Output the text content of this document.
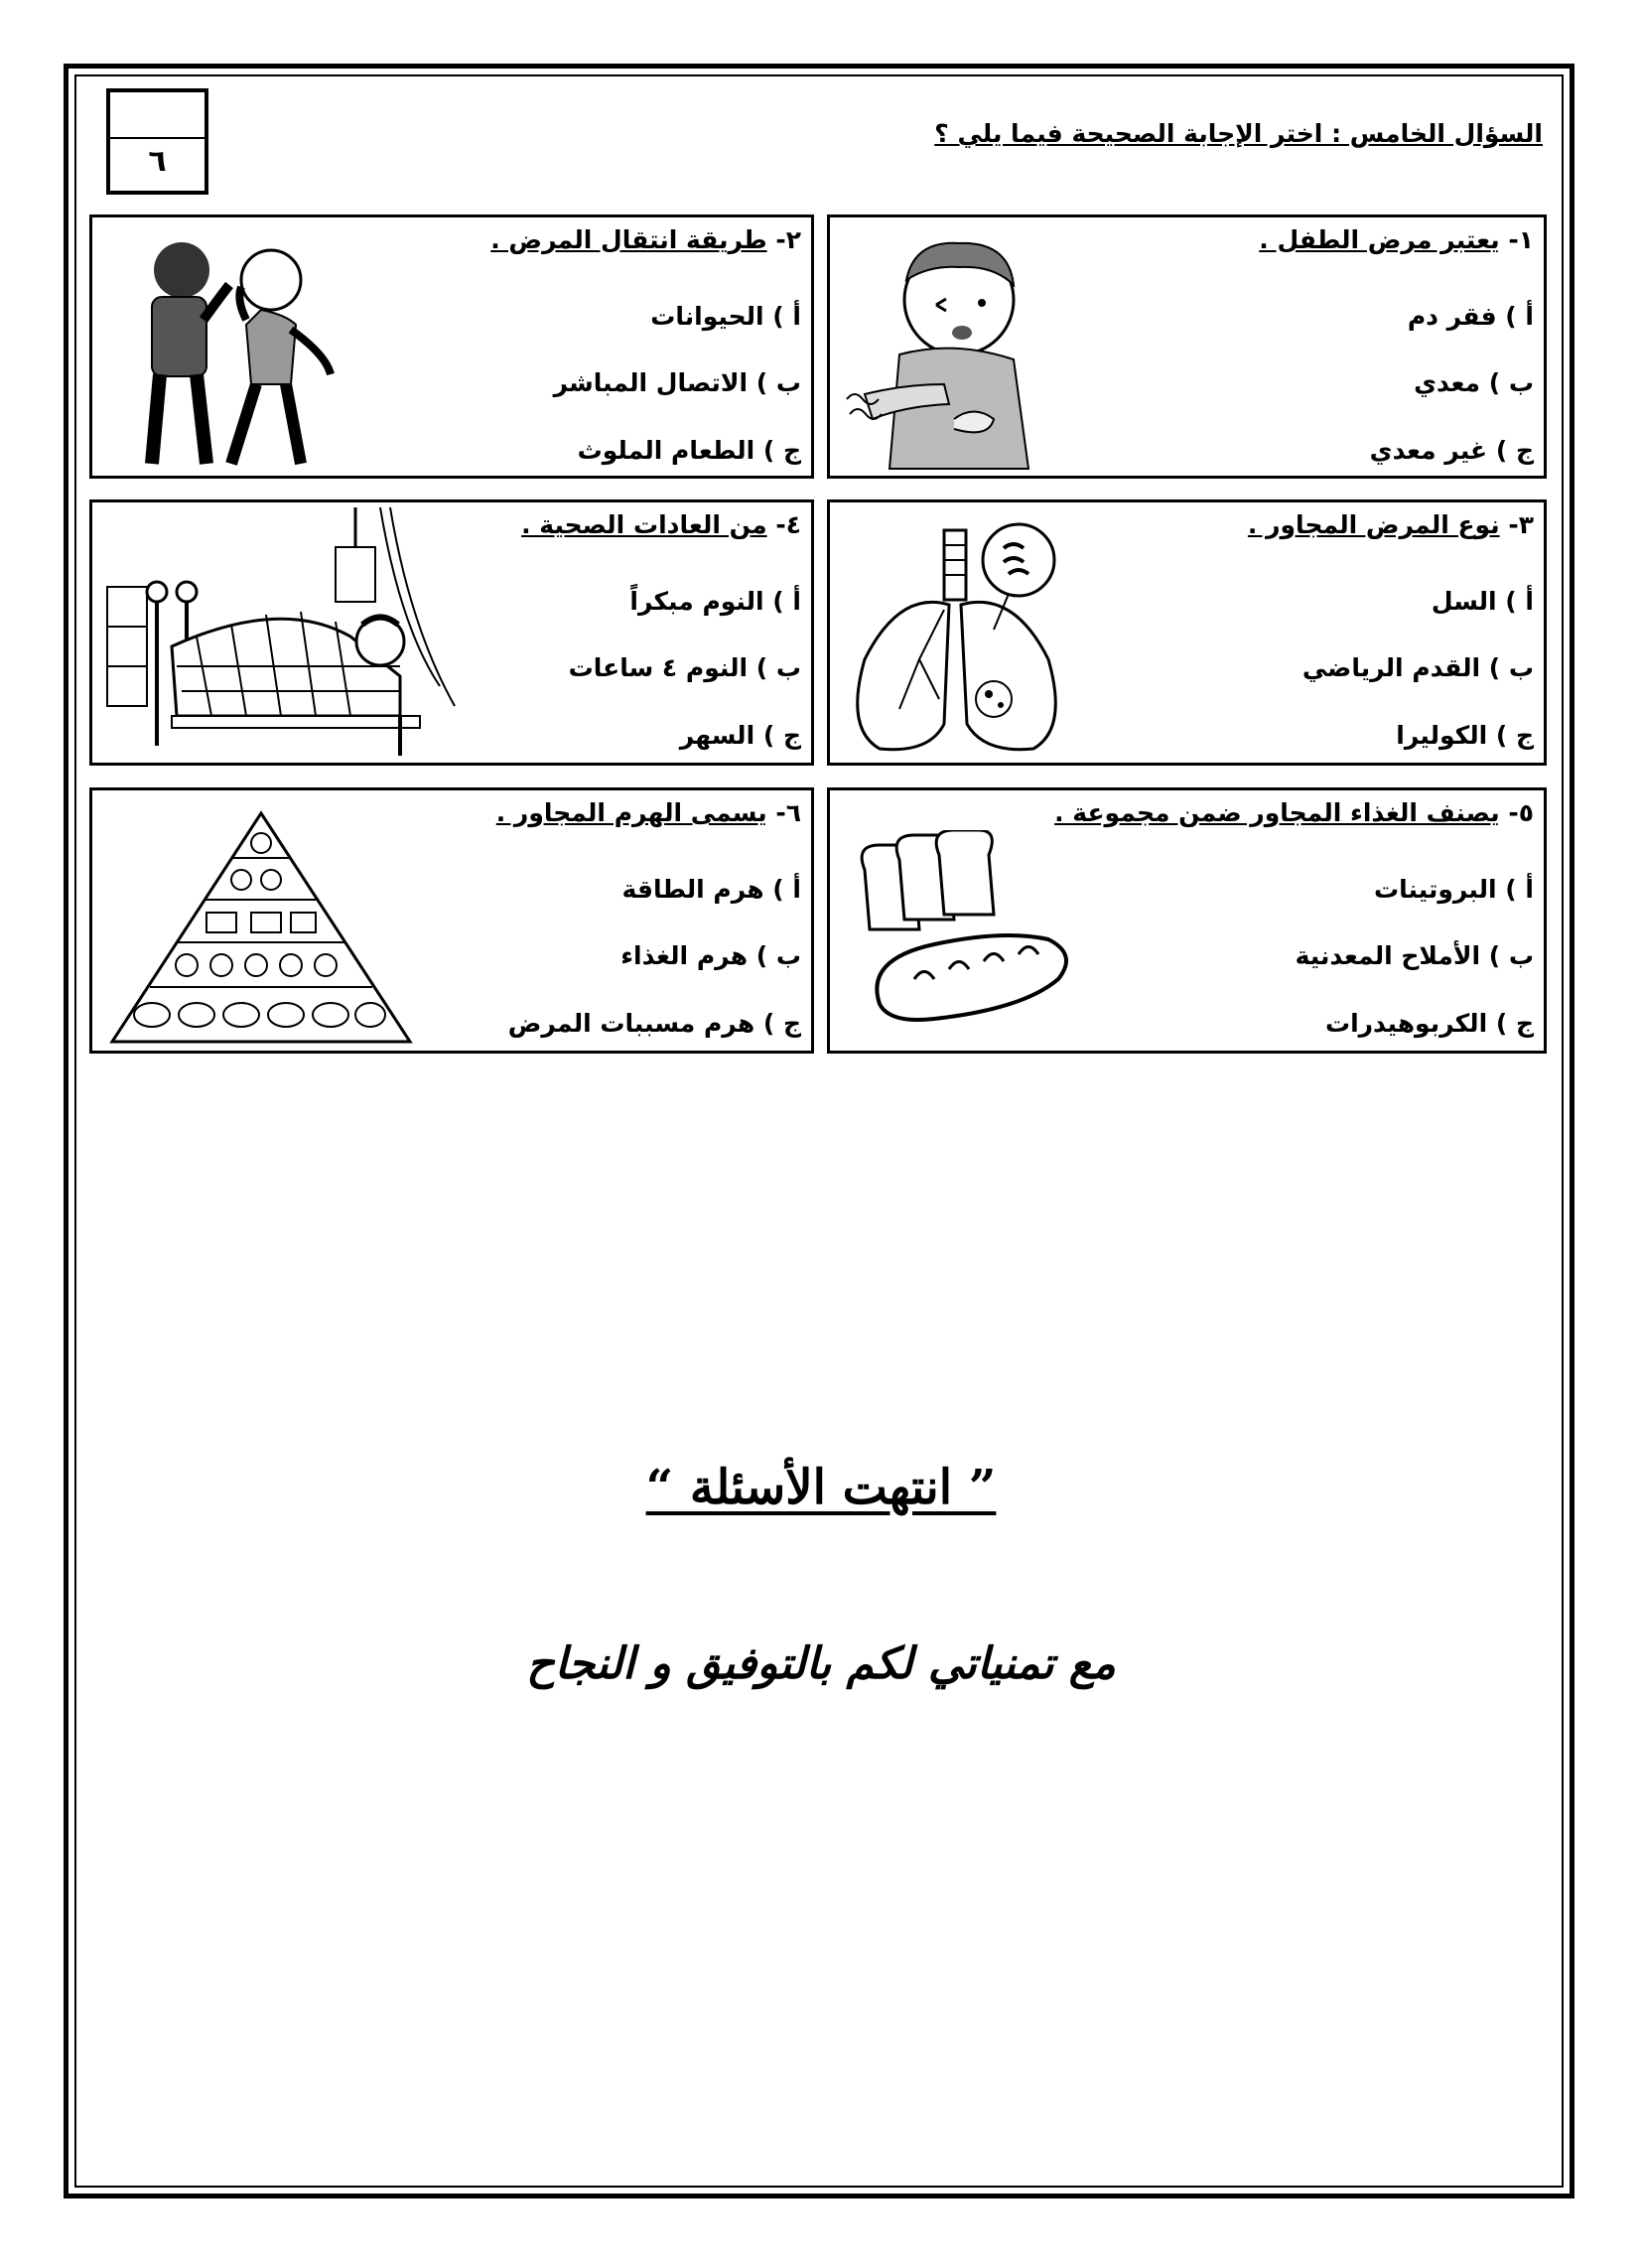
٦
السؤال الخامس : اختر الإجابة الصحيحة فيما يلي ؟
١- يعتبر مرض الطفل .
أ ) فقر دم
ب ) معدي
ج ) غير معدي
٢- طريقة انتقال المرض .
أ ) الحيوانات
ب ) الاتصال المباشر
ج ) الطعام الملوث
٣- نوع المرض المجاور .
أ ) السل
ب ) القدم الرياضي
ج ) الكوليرا
٤- من العادات الصحية .
أ ) النوم مبكراً
ب ) النوم ٤ ساعات
ج ) السهر
٥- يصنف الغذاء المجاور ضمن مجموعة .
أ ) البروتينات
ب ) الأملاح المعدنية
ج ) الكربوهيدرات
٦- يسمى الهرم المجاور .
أ ) هرم الطاقة
ب ) هرم الغذاء
ج ) هرم مسببات المرض
” انتهت الأسئلة “
مع تمنياتي لكم بالتوفيق و النجاح
